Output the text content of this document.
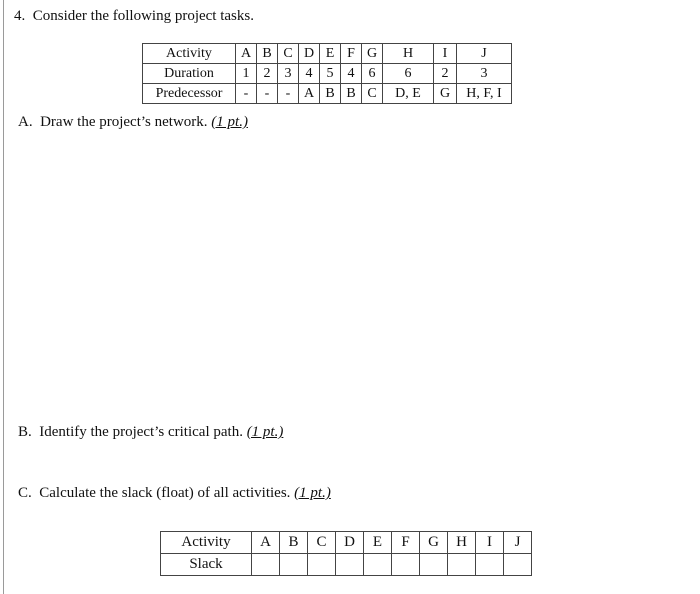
4. Consider the following project tasks.
Activity	A	B	C	D	E	F	G	H	I	J
Duration	1	2	3	4	5	4	6	6	2	3
Predecessor	-	-	-	A	B	B	C	D, E	G	H, F, I
A. Draw the project’s network. (1 pt.)
B. Identify the project’s critical path. (1 pt.)
C. Calculate the slack (float) of all activities. (1 pt.)
Activity	A	B	C	D	E	F	G	H	I	J
Slack										
